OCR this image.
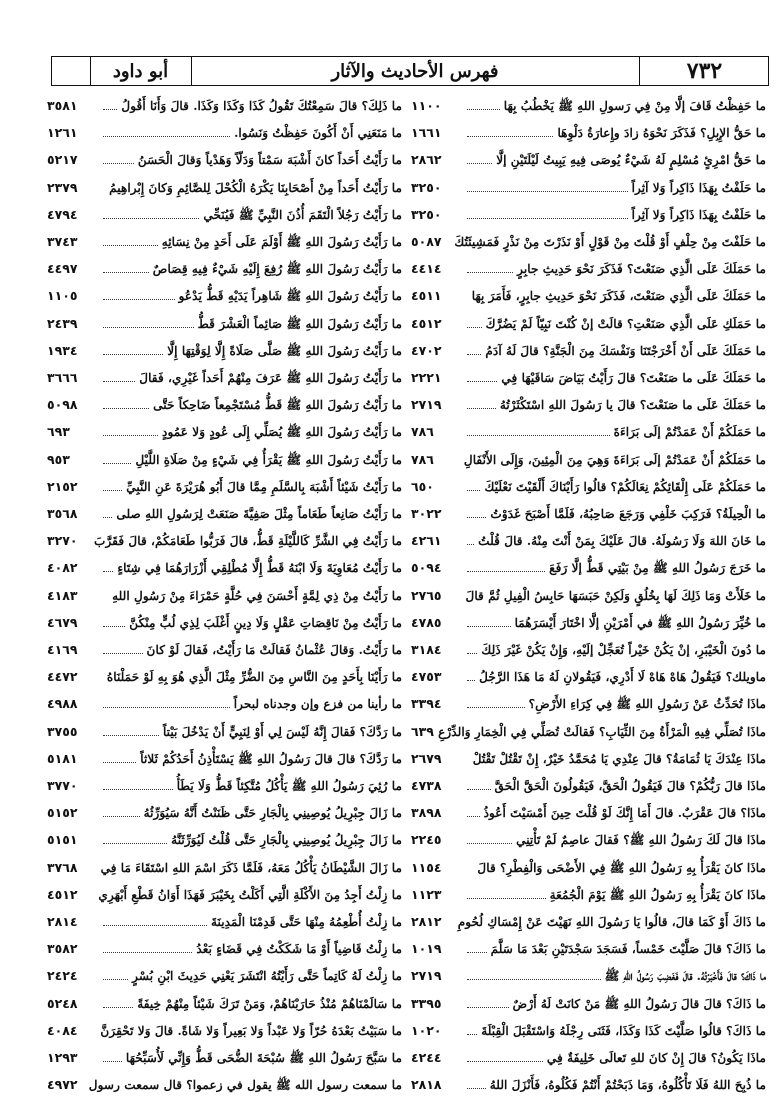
أبو داود	فهرس الأحاديث والآثار	٧٣٢
ما حَفِظْتُ قَافَ إلَّا مِنْ فِي رَسولِ اللهِ ﷺ يَخْطُبُ بِهَا
١١٠٠
ما حَقُّ الإِبِلِ؟ فَذَكَرَ نَحْوَهُ زادَ وإِعارَةُ دَلْوِهَا
١٦٦١
ما حَقُّ امْرِئٍ مُسْلِمٍ لَهُ شَيْءٌ يُوصَى فِيهِ يَبِيتُ لَيْلَتَيْنِ إلَّا
٢٨٦٢
ما حَلَفْتُ بِهَذَا ذَاكِراً وَلا آثِراً
٣٢٥٠
ما حَلَفْتُ بِهَذَا ذَاكِراً وَلا آثِراً
٣٢٥٠
ما حَلَفْتَ مِنْ حِلْفٍ أَوْ قُلْتَ مِنْ قَوْلٍ أَوْ نَذَرْتَ مِنْ نَذْرٍ فَمَشِيئَتُكَ
٥٠٨٧
ما حَمَلَكَ عَلَى الَّذِي صَنَعْتَ؟ فَذَكَرَ نَحْوَ حَدِيثِ جابِرٍ
٤٤١٤
ما حَمَلَكَ عَلَى الَّذِي صَنَعْتَ، فَذَكَرَ نَحْوَ حَدِيثِ جابِرٍ، فَأَمَرَ بِهَا
٤٥١١
ما حَمَلَكِ عَلَى الَّذِي صَنَعْتِ؟ قالَتْ إنْ كُنْتَ نَبِيّاً لَمْ يَضُرَّكَ
٤٥١٢
ما حَمَلَكَ عَلَى أَنْ أَخْرَجْتَنَا وَنَفْسَكَ مِنَ الْجَنَّةِ؟ قالَ لَهُ آدَمُ
٤٧٠٢
ما حَمَلَكَ عَلَى ما صَنَعْتَ؟ قالَ رَأَيْتُ بَيَاضَ سَاقَيْهَا فِي
٢٢٢١
ما حَمَلَكَ عَلَى ما صَنَعْتَ؟ قالَ يا رَسُولَ اللهِ اسْتَكْثَرْتُهُ
٢٧١٩
ما حَمَلَكُمْ أَنْ عَمَدْتُمْ إلَى بَرَاءَةَ
٧٨٦
ما حَمَلَكُمْ أَنْ عَمَدْتُمْ إلَى بَرَاءَةَ وَهِيَ مِنَ الْمِئِينَ، وَإِلَى الأَنْفَالِ
٧٨٦
ما حَمَلَكُمْ عَلَى إِلْقَائِكُمْ نِعَالَكُمْ؟ قالُوا رَأَيْنَاكَ أَلْقَيْتَ نَعْلَيْكَ
٦٥٠
ما الْحِيلَةُ؟ فَرَكِبَ خَلْفِي وَرَجَعَ صَاحِبُهُ، فَلَمَّا أَصْبَحَ غَدَوْتُ
٣٠٢٢
ما خَانَ اللهَ وَلَا رَسُولَهُ. قالَ عَلَيْكَ بِمَنْ أَنْتَ مِنْهُ. قالَ قُلْتُ
٤٢٦١
ما خَرَجَ رَسُولُ اللهِ ﷺ مِنْ بَيْتِي قَطُّ إلَّا رَفَعَ
٥٠٩٤
ما خَلَأَتْ وَمَا ذَلِكَ لَهَا بِخُلُقٍ وَلَكِنْ حَبَسَهَا حَابِسُ الْفِيلِ ثُمَّ قالَ
٢٧٦٥
ما خُيِّرَ رَسُولُ اللهِ ﷺ في أَمْرَيْنِ إلَّا اخْتَارَ أَيْسَرَهُمَا
٤٧٨٥
ما دُونَ الْخَيْبَرِ، إنْ يَكُنْ خَيْراً تُعَجِّلْ إلَيْهِ، وَإِنْ يَكُنْ غَيْرَ ذَلِكَ
٣١٨٤
ماويلك؟ فَيَقُولُ هَاهْ هَاهْ لَا أَدْرِي، فَيَقُولانِ لَهُ مَا هَذَا الرَّجُلُ
٤٧٥٣
ماذَا تُحَدِّثُ عَنْ رَسُولِ اللهِ ﷺ فِي كِرَاءِ الأَرْضِ؟
٣٣٩٤
ماذَا تُصَلِّي فِيهِ الْمَرْأَةُ مِنَ الثِّيَابِ؟ فَقالَتْ تُصَلِّي فِي الْخِمَارِ وَالدِّرْعِ
٦٣٩
ماذَا عِنْدَكَ يَا ثُمَامَةُ؟ قالَ عِنْدِي يَا مُحَمَّدُ خَيْرٌ، إِنْ تَقْتُلْ تَقْتُلْ
٢٦٧٩
ماذَا قالَ رَبُّكُمْ؟ قالَ فَيَقُولُ الْحَقَّ، فَيَقُولُونَ الْحَقَّ الْحَقَّ
٤٧٣٨
ماذَا؟ قالَ عَقْرَبٌ. قالَ أَمَا إِنَّكَ لَوْ قُلْتَ حِينَ أَمْسَيْتَ أَعُوذُ
٣٨٩٨
ماذَا قالَ لَكَ رَسُولُ اللهِ ﷺ؟ فَقالَ عاصِمٌ لَمْ تَأْتِنِي
٢٢٤٥
ماذَا كانَ يَقْرَأُ بِهِ رَسُولُ اللهِ ﷺ فِي الأَضْحَى وَالْفِطْرِ؟ قالَ
١١٥٤
ماذَا كانَ يَقْرَأُ بِهِ رَسُولُ اللهِ ﷺ يَوْمَ الْجُمُعَةِ
١١٢٣
ما ذَاكَ أَوْ كَمَا قالَ، قالُوا يَا رَسُولَ اللهِ نَهَيْتَ عَنْ إِمْسَاكِ لُحُومِ
٢٨١٢
ما ذَاكَ؟ قالَ صَلَّيْتَ خَمْساً، فَسَجَدَ سَجْدَتَيْنِ بَعْدَ مَا سَلَّمَ
١٠١٩
ما ذَاكَ؟ قالَ فَأَخْبَرْتُهُ. قالَ فَغَضِبَ رَسُولُ اللهِ ﷺ
٢٧١٩
ما ذَاكَ؟ قالَ قالَ رَسُولُ اللهِ ﷺ مَنْ كانَتْ لَهُ أَرْضٌ
٣٣٩٥
ما ذَاكَ؟ قالُوا صَلَّيْتَ كَذَا وَكَذَا، فَثَنَى رِجْلَهُ وَاسْتَقْبَلَ الْقِبْلَةَ
١٠٢٠
ماذَا يَكُونُ؟ قالَ إِنْ كانَ للهِ تَعالَى خَلِيفَةٌ فِي
٤٢٤٤
ما ذُبِحَ اللهُ فَلَا تَأْكُلُوهُ، وَمَا ذَبَحْتُمْ أَنْتُمْ فَكُلُوهُ، فَأَنْزَلَ اللهُ
٢٨١٨
ما ذَلِكَ؟ قالَ سَمِعْتُكَ تَقُولُ كَذَا وَكَذَا وَكَذَا. قالَ وَأَنَا أَقُولُ
٣٥٨١
ما مَنَعَنِي أَنْ أَكُونَ حَفِظْتُ وَنَسُوا.
١٢٦١
ما رَأَيْتُ أَحَداً كانَ أَشْبَهَ سَمْتاً وَدَلّاً وَهَدْياً وَقالَ الْحَسَنُ
٥٢١٧
ما رَأَيْتُ أَحَداً مِنْ أَصْحَابِنَا يَكْرَهُ الْكُحْلَ لِلصَّائِمِ وَكانَ إِبْراهِيمُ
٢٣٧٩
ما رَأَيْتُ رَجُلاً الْتَقَمَ أُذُنَ النَّبِيِّ ﷺ فَيُنَحِّي
٤٧٩٤
ما رَأَيْتُ رَسُولَ اللهِ ﷺ أَوْلَمَ عَلَى أَحَدٍ مِنْ نِسَائِهِ
٣٧٤٣
ما رَأَيْتُ رَسُولَ اللهِ ﷺ رُفِعَ إِلَيْهِ شَيْءٌ فِيهِ قِصَاصٌ
٤٤٩٧
ما رَأَيْتُ رَسُولَ اللهِ ﷺ شَاهِراً يَدَيْهِ قَطُّ يَدْعُو
١١٠٥
ما رَأَيْتُ رَسُولَ اللهِ ﷺ صَائِماً الْعَشْرَ قَطُّ
٢٤٣٩
ما رَأَيْتُ رَسُولَ اللهِ ﷺ صَلَّى صَلَاةً إِلَّا لِوَقْتِهَا إِلَّا
١٩٣٤
ما رَأَيْتُ رَسُولَ اللهِ ﷺ عَرَفَ مِنْهُمْ أَحَداً غَيْرِي، فَقالَ
٣٦٦٦
ما رَأَيْتُ رَسُولَ اللهِ ﷺ قَطُّ مُسْتَجْمِعاً ضَاحِكاً حَتَّى
٥٠٩٨
ما رَأَيْتُ رَسُولَ اللهِ ﷺ يُصَلِّي إِلَى عُودٍ وَلا عَمُودٍ
٦٩٣
ما رَأَيْتُ رَسُولَ اللهِ ﷺ يَقْرَأُ فِي شَيْءٍ مِنْ صَلَاةِ اللَّيْلِ
٩٥٣
ما رَأَيْتُ شَيْئاً أَشْبَهَ بِالسَّلَمِ مِمَّا قالَ أَبُو هُرَيْرَةَ عَنِ النَّبِيِّ
٢١٥٢
ما رَأَيْتُ صَانِعاً طَعَاماً مِثْلَ صَفِيَّةَ صَنَعَتْ لِرَسُولِ اللهِ صلى
٣٥٦٨
ما رَأَيْتُ فِي الشَّرِّ كَاللَّيْلَةِ قَطُّ، قالَ فَرَبُّوا طَعَامَكُمْ، قالَ فَقَرَّبَ
٣٢٧٠
ما رَأَيْتُ مُعَاوِيَةَ وَلَا ابْنَهُ قَطُّ إِلَّا مُطْلِقِي أَزْرَارَهُمَا فِي شِتَاءٍ
٤٠٨٢
ما رَأَيْتُ مِنْ ذِي لِمَّةٍ أَحْسَنَ فِي حُلَّةٍ حَمْرَاءَ مِنْ رَسُولِ اللهِ
٤١٨٣
ما رَأَيْتُ مِنْ نَاقِصَاتِ عَقْلٍ وَلَا دِينٍ أَغْلَبَ لِذِي لُبٍّ مِنْكُنَّ
٤٦٧٩
ما رَأَيْتُ. وَقالَ عُثْمانُ فَقالَتْ مَا رَأَيْتُ، فَقالَ لَوْ كانَ
٤١٦٩
ما رَأَيْنَا بِأَحَدٍ مِنَ النَّاسِ مِنَ الضُّرِّ مِثْلَ الَّذِي هُوَ بِهِ لَوْ حَمَلْنَاهُ
٤٤٧٢
ما رأينا من فزع وإن وجدناه لبحراً
٤٩٨٨
ما رَدَّكَ؟ فَقالَ إِنَّهُ لَيْسَ لِي أَوْ لِنَبِيٍّ أَنْ يَدْخُلَ بَيْتاً
٣٧٥٥
ما رَدَّكَ؟ قالَ قالَ رَسُولُ اللهِ ﷺ يَسْتَأْذِنُ أَحَدُكُمْ ثَلاثاً
٥١٨١
ما رُئِيَ رَسُولُ اللهِ ﷺ يَأْكُلُ مُتَّكِئاً قَطُّ وَلَا يَطَأُ
٣٧٧٠
ما زَالَ جِبْرِيلُ يُوصِينِي بِالْجَارِ حَتَّى ظَنَنْتُ أَنَّهُ سَيُوَرِّثُهُ
٥١٥٢
ما زَالَ جِبْرِيلُ يُوصِينِي بِالْجَارِ حَتَّى قُلْتُ لَيُوَرِّثَنَّهُ
٥١٥١
ما زَالَ الشَّيْطَانُ يَأْكُلُ مَعَهُ، فَلَمَّا ذَكَرَ اسْمَ اللهِ اسْتَقَاءَ مَا فِي
٣٧٦٨
ما زِلْتُ أَجِدُ مِنَ الأَكْلَةِ الَّتِي أَكَلْتُ بِخَيْبَرَ فَهَذَا أَوَانُ قَطْعِ أَبْهَرِي
٤٥١٢
ما زِلْتُ أُطْعِمُهُ مِنْهَا حَتَّى قَدِمْنَا الْمَدِينَةَ
٢٨١٤
ما زِلْتُ قَاضِياً أَوْ مَا شَكَكْتُ فِي قَضَاءٍ بَعْدُ
٣٥٨٢
ما زِلْتُ لَهُ كَاتِماً حَتَّى رَأَيْتُهُ انْتَشَرَ يَعْنِي حَدِيثَ ابْنِ بُسْرٍ
٢٤٢٤
ما سَالَمْنَاهُمْ مُنْذُ حَارَبْنَاهُمْ، وَمَنْ تَرَكَ شَيْئاً مِنْهُمْ خِيفَةً
٥٢٤٨
ما سَبَيْتُ بَعْدَهُ حُرّاً وَلا عَبْداً وَلا بَعِيراً وَلا شَاةً. قالَ وَلا تَحْقِرَنَّ
٤٠٨٤
ما سَبَّحَ رَسُولُ اللهِ ﷺ سُبْحَةَ الضُّحَى قَطُّ وَإِنِّي لَأُسَبِّحُهَا
١٢٩٣
ما سمعت رسول الله ﷺ يقول في زعموا؟ قال سمعت رسول
٤٩٧٢
